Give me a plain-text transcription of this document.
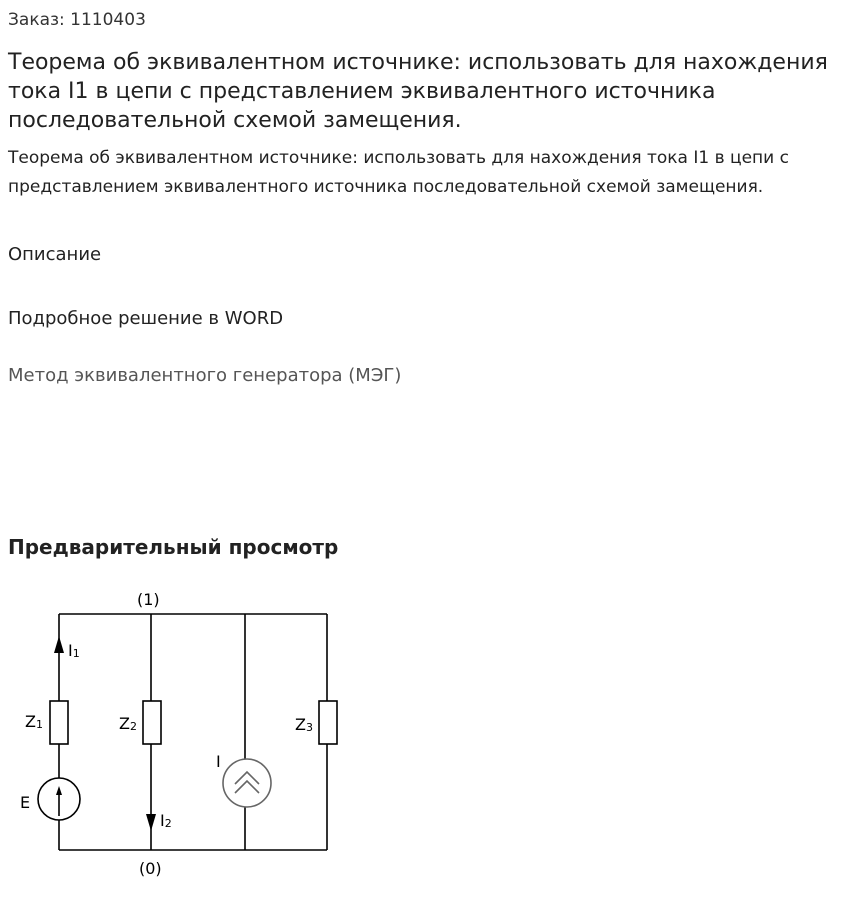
Заказ: 1110403
Теорема об эквивалентном источнике: использовать для нахождения тока I1 в цепи с представлением эквивалентного источника последовательной схемой замещения.
Теорема об эквивалентном источнике: использовать для нахождения тока I1 в цепи с представлением эквивалентного источника последовательной схемой замещения.
Описание
Подробное решение в WORD
Метод эквивалентного генератора (МЭГ)
Предварительный просмотр
(1)
(0)
I1
I2
Z1	Z2	Z3
I
E
